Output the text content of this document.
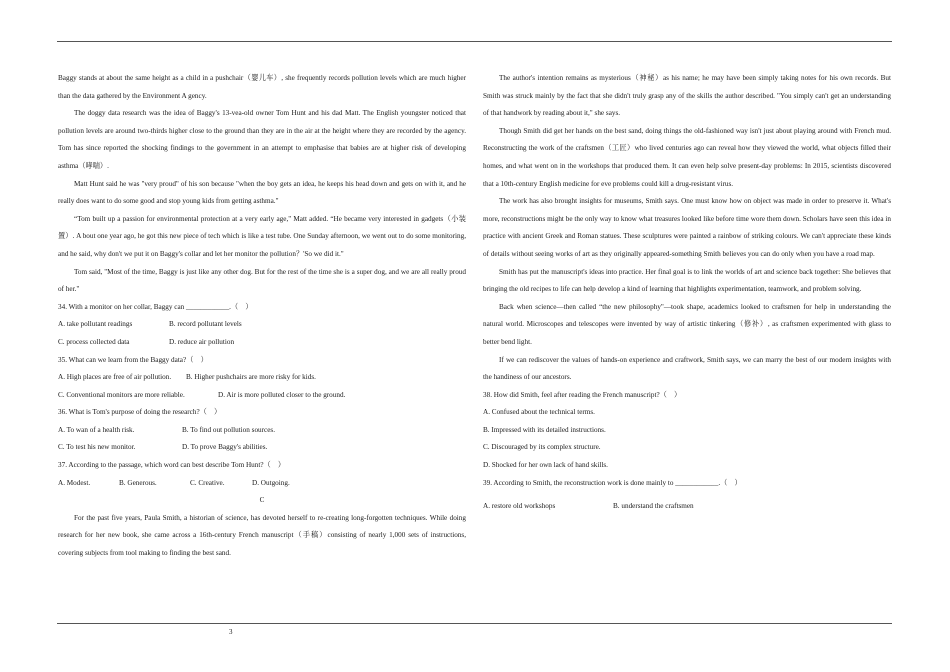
Baggy stands at about the same height as a child in a pushchair（婴儿车）, she frequently records pollution levels which are much higher than the data gathered by the Environment A gency.

The doggy data research was the idea of Baggy's 13-vea-old owner Tom Hunt and his dad Matt. The English youngster noticed that pollution levels are around two-thirds higher close to the ground than they are in the air at the height where they are recorded by the agency. Tom has since reported the shocking findings to the government in an attempt to emphasise that babies are at higher risk of developing asthma（哮喘）.

Matt Hunt said he was "very proud" of his son because "when the boy gets an idea, he keeps his head down and gets on with it, and he really does want to do some good and stop young kids from getting asthma."

“Tom built up a passion for environmental protection at a very early age," Matt added. “He became very interested in gadgets（小装置）. A bout one year ago, he got this new piece of tech which is like a test tube. One Sunday afternoon, we went out to do some monitoring, and he said, why don't we put it on Baggy's collar and let her monitor the pollution？'So we did it."

Tom said, "Most of the time, Baggy is just like any other dog. But for the rest of the time she is a super dog, and we are all really proud of her."

34. With a monitor on her collar, Baggy can ____________.（　）
A. take pollutant readings	B. record pollutant levels
C. process collected data	D. reduce air pollution
35. What can we learn from the Baggy data?（　）
A. High places are free of air pollution.	B. Higher pushchairs are more risky for kids.
C. Conventional monitors are more reliable.	D. Air is more polluted closer to the ground.
36. What is Tom's purpose of doing the research?（　）
A. To wan of a health risk.	B. To find out pollution sources.
C. To test his new monitor.	D. To prove Baggy's abilities.
37. According to the passage, which word can best describe Tom Hunt?（　）
A. Modest.	B. Generous.	C. Creative.	D. Outgoing.
C

For the past five years, Paula Smith, a historian of science, has devoted herself to re-creating long-forgotten techniques. While doing research for her new book, she came across a 16th-century French manuscript（手稿）consisting of nearly 1,000 sets of instructions, covering subjects from tool making to finding the best sand.

The author's intention remains as mysterious（神秘）as his name; he may have been simply taking notes for his own records. But Smith was struck mainly by the fact that she didn't truly grasp any of the skills the author described. "You simply can't get an understanding of that handwork by reading about it," she says.

Though Smith did get her hands on the best sand, doing things the old-fashioned way isn't just about playing around with French mud. Reconstructing the work of the craftsmen（工匠）who lived centuries ago can reveal how they viewed the world, what objects filled their homes, and what went on in the workshops that produced them. It can even help solve present-day problems: In 2015, scientists discovered that a 10th-century English medicine for eve problems could kill a drug-resistant virus.

The work has also brought insights for museums, Smith says. One must know how on object was made in order to preserve it. What's more, reconstructions might be the only way to know what treasures looked like before time wore them down. Scholars have seen this idea in practice with ancient Greek and Roman statues. These sculptures were painted a rainbow of striking colours. We can't appreciate these kinds of details without seeing works of art as they originally appeared-something Smith believes you can do only when you have a road map.

Smith has put the manuscript's ideas into practice. Her final goal is to link the worlds of art and science back together: She believes that bringing the old recipes to life can help develop a kind of learning that highlights experimentation, teamwork, and problem solving.

Back when science—then called “the new philosophy"—took shape, academics looked to craftsmen for help in understanding the natural world. Microscopes and telescopes were invented by way of artistic tinkering（修补）, as craftsmen experimented with glass to better bend light.

If we can rediscover the values of hands-on experience and craftwork, Smith says, we can marry the best of our modern insights with the handiness of our ancestors.

38. How did Smith, feel after reading the French manuscript?（　）
A. Confused about the technical terms.
B. Impressed with its detailed instructions.
C. Discouraged by its complex structure.
D. Shocked for her own lack of hand skills.
39. According to Smith, the reconstruction work is done mainly to ____________.（　）
A. restore old workshops	B. understand the craftsmen
3
